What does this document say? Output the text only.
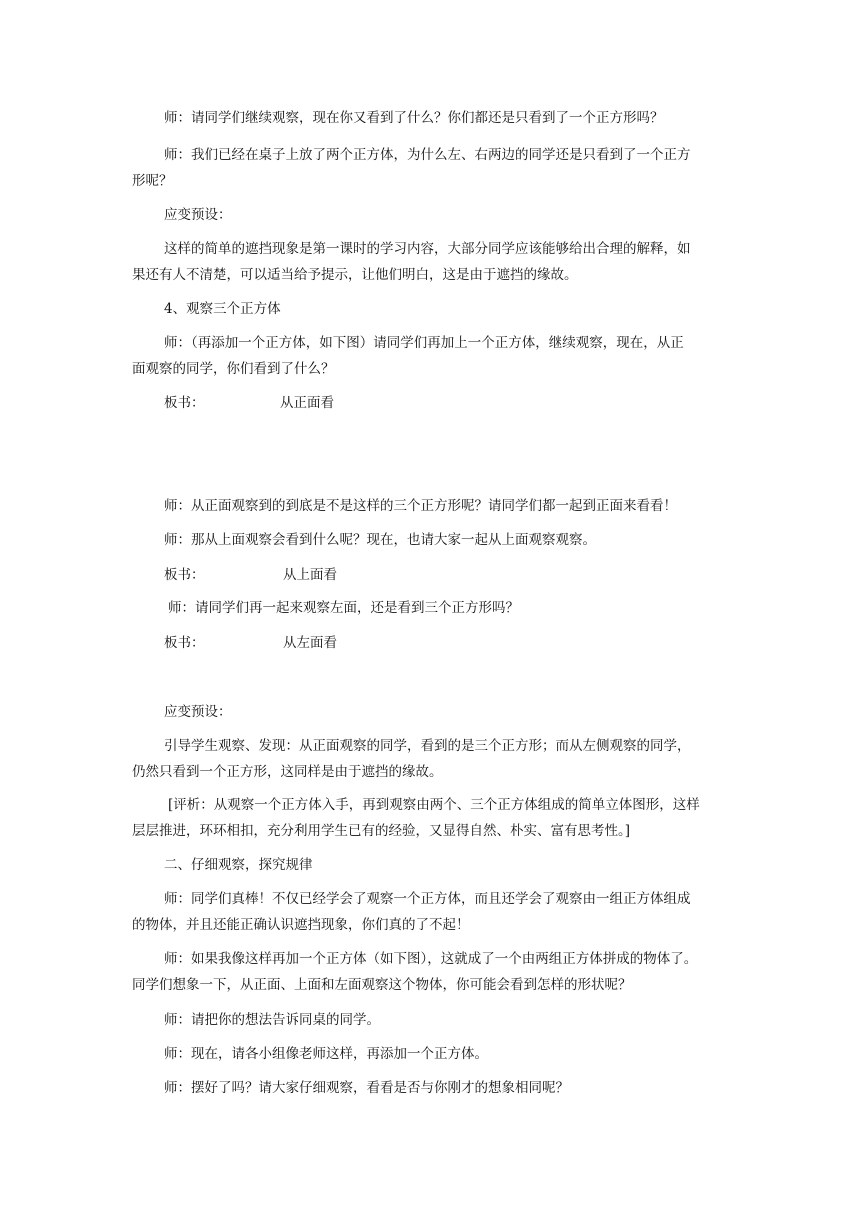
师：请同学们继续观察，现在你又看到了什么？你们都还是只看到了一个正方形吗？
师：我们已经在桌子上放了两个正方体，为什么左、右两边的同学还是只看到了一个正方
形呢？
应变预设：
这样的简单的遮挡现象是第一课时的学习内容，大部分同学应该能够给出合理的解释，如
果还有人不清楚，可以适当给予提示，让他们明白，这是由于遮挡的缘故。
4、观察三个正方体
师：（再添加一个正方体，如下图）请同学们再加上一个正方体，继续观察，现在，从正
面观察的同学，你们看到了什么？
板书：	从正面看
师：从正面观察到的到底是不是这样的三个正方形呢？请同学们都一起到正面来看看！
师：那从上面观察会看到什么呢？现在，也请大家一起从上面观察观察。
板书：	从上面看
师：请同学们再一起来观察左面，还是看到三个正方形吗？
板书：	从左面看
应变预设：
引导学生观察、发现：从正面观察的同学，看到的是三个正方形；而从左侧观察的同学，
仍然只看到一个正方形，这同样是由于遮挡的缘故。
[评析：从观察一个正方体入手，再到观察由两个、三个正方体组成的简单立体图形，这样
层层推进，环环相扣，充分利用学生已有的经验，又显得自然、朴实、富有思考性。]
二、仔细观察，探究规律
师：同学们真棒！不仅已经学会了观察一个正方体，而且还学会了观察由一组正方体组成
的物体，并且还能正确认识遮挡现象，你们真的了不起！
师：如果我像这样再加一个正方体（如下图），这就成了一个由两组正方体拼成的物体了。
同学们想象一下，从正面、上面和左面观察这个物体，你可能会看到怎样的形状呢？
师：请把你的想法告诉同桌的同学。
师：现在，请各小组像老师这样，再添加一个正方体。
师：摆好了吗？请大家仔细观察，看看是否与你刚才的想象相同呢？
